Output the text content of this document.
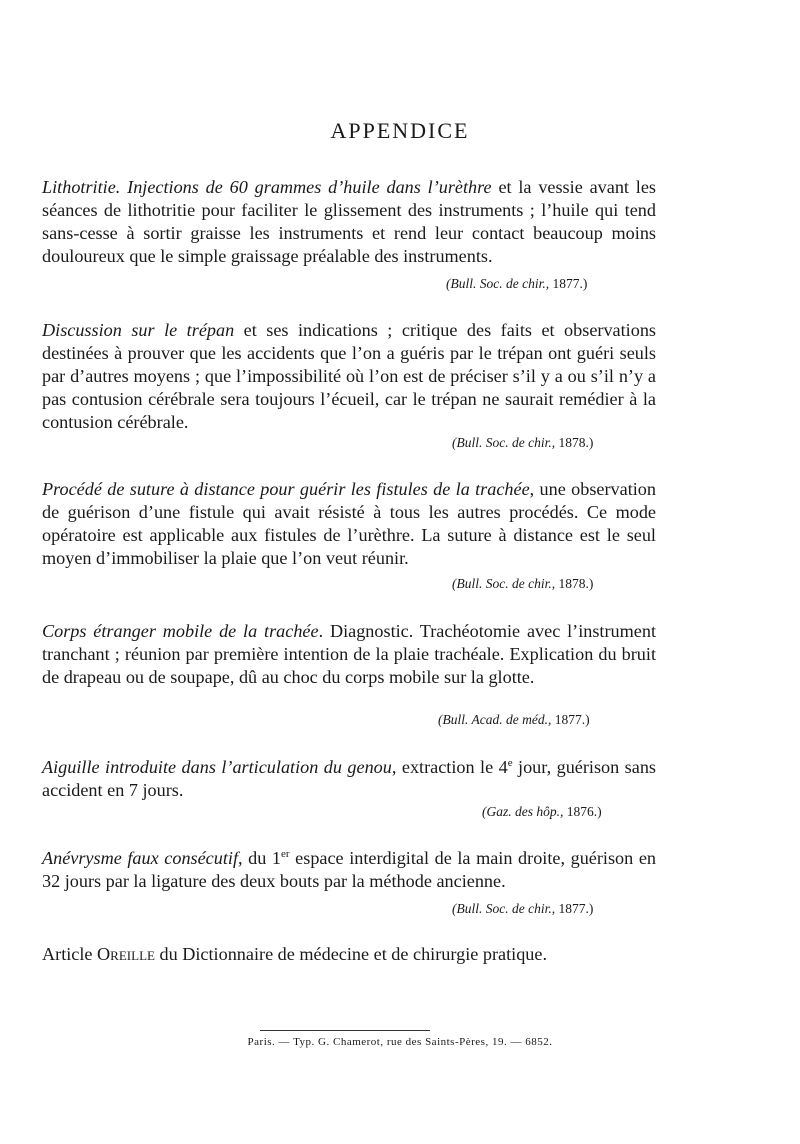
APPENDICE

Lithotritie. Injections de 60 grammes d’huile dans l’urèthre et la vessie avant les séances de lithotritie pour faciliter le glissement des instruments ; l’huile qui tend sans-cesse à sortir graisse les instruments et rend leur contact beaucoup moins douloureux que le simple graissage préalable des instruments.

(Bull. Soc. de chir., 1877.)

Discussion sur le trépan et ses indications ; critique des faits et observations destinées à prouver que les accidents que l’on a guéris par le trépan ont guéri seuls par d’autres moyens ; que l’impossibilité où l’on est de préciser s’il y a ou s’il n’y a pas contusion cérébrale sera toujours l’écueil, car le trépan ne saurait remédier à la contusion cérébrale.

(Bull. Soc. de chir., 1878.)

Procédé de suture à distance pour guérir les fistules de la trachée, une observation de guérison d’une fistule qui avait résisté à tous les autres procédés. Ce mode opératoire est applicable aux fistules de l’urèthre. La suture à distance est le seul moyen d’immobiliser la plaie que l’on veut réunir.

(Bull. Soc. de chir., 1878.)

Corps étranger mobile de la trachée. Diagnostic. Trachéotomie avec l’instrument tranchant ; réunion par première intention de la plaie trachéale. Explication du bruit de drapeau ou de soupape, dû au choc du corps mobile sur la glotte.

(Bull. Acad. de méd., 1877.)

Aiguille introduite dans l’articulation du genou, extraction le 4e jour, guérison sans accident en 7 jours.

(Gaz. des hôp., 1876.)

Anévrysme faux consécutif, du 1er espace interdigital de la main droite, guérison en 32 jours par la ligature des deux bouts par la méthode ancienne.

(Bull. Soc. de chir., 1877.)

Article Oreille du Dictionnaire de médecine et de chirurgie pratique.

Paris. — Typ. G. Chamerot, rue des Saints-Pères, 19. — 6852.
